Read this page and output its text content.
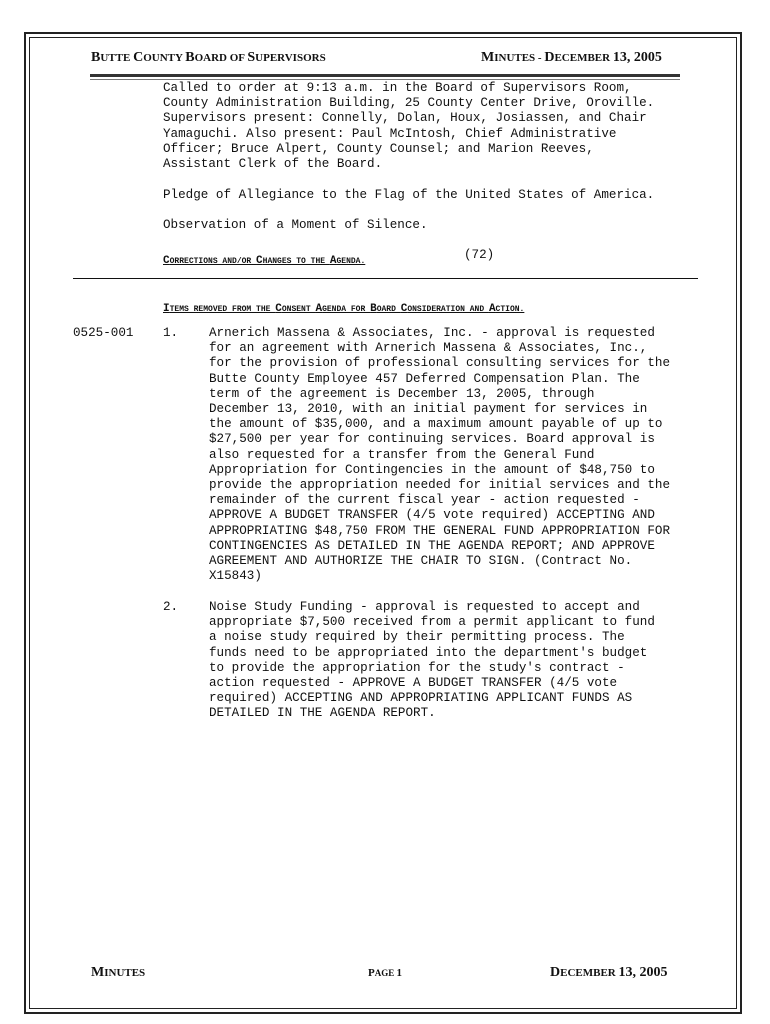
BUTTE COUNTY BOARD OF SUPERVISORS	MINUTES - DECEMBER 13, 2005
Called to order at 9:13 a.m. in the Board of Supervisors Room,
County Administration Building, 25 County Center Drive, Oroville.
Supervisors present: Connelly, Dolan, Houx, Josiassen, and Chair
Yamaguchi. Also present: Paul McIntosh, Chief Administrative
Officer; Bruce Alpert, County Counsel; and Marion Reeves,
Assistant Clerk of the Board.
Pledge of Allegiance to the Flag of the United States of America.
Observation of a Moment of Silence.
CORRECTIONS AND/OR CHANGES TO THE AGENDA.	(72)
ITEMS REMOVED FROM THE CONSENT AGENDA FOR BOARD CONSIDERATION AND ACTION.
0525-001 1. Arnerich Massena & Associates, Inc. - approval is requested
for an agreement with Arnerich Massena & Associates, Inc.,
for the provision of professional consulting services for the
Butte County Employee 457 Deferred Compensation Plan. The
term of the agreement is December 13, 2005, through
December 13, 2010, with an initial payment for services in
the amount of $35,000, and a maximum amount payable of up to
$27,500 per year for continuing services. Board approval is
also requested for a transfer from the General Fund
Appropriation for Contingencies in the amount of $48,750 to
provide the appropriation needed for initial services and the
remainder of the current fiscal year - action requested -
APPROVE A BUDGET TRANSFER (4/5 vote required) ACCEPTING AND
APPROPRIATING $48,750 FROM THE GENERAL FUND APPROPRIATION FOR
CONTINGENCIES AS DETAILED IN THE AGENDA REPORT; AND APPROVE
AGREEMENT AND AUTHORIZE THE CHAIR TO SIGN. (Contract No.
X15843)
2. Noise Study Funding - approval is requested to accept and
appropriate $7,500 received from a permit applicant to fund
a noise study required by their permitting process. The
funds need to be appropriated into the department's budget
to provide the appropriation for the study's contract -
action requested - APPROVE A BUDGET TRANSFER (4/5 vote
required) ACCEPTING AND APPROPRIATING APPLICANT FUNDS AS
DETAILED IN THE AGENDA REPORT.
MINUTES	PAGE 1	DECEMBER 13, 2005
